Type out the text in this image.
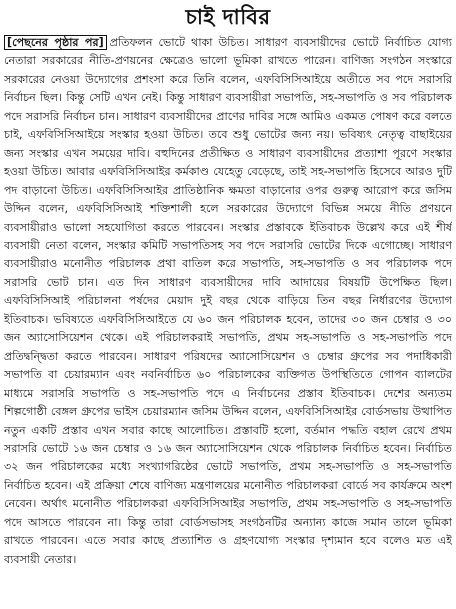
চাই দাবির

[পেছনের পৃষ্ঠার পর] প্রতিফলন ভোটে থাকা উচিত। সাধারণ ব্যবসায়ীদের ভোটে নির্বাচিত যোগ্য নেতারা সরকারের নীতি-প্রণয়নের ক্ষেত্রেও ভালো ভূমিকা রাখতে পারেন। বাণিজ্য সংগঠন সংস্কারে সরকারের নেওয়া উদ্যোগের প্রশংসা করে তিনি বলেন, এফবিসিসিআইয়ে অতীতে সব পদে সরাসরি নির্বাচন ছিল। কিন্তু সেটি এখন নেই। কিন্তু সাধারণ ব্যবসায়ীরা সভাপতি, সহ-সভাপতি ও সব পরিচালক পদে সরাসরি নির্বাচন চান। সাধারণ ব্যবসায়ীদের প্রাণের দাবির সঙ্গে আমিও একমত পোষণ করে বলতে চাই, এফবিসিসিআইয়ে সংস্কার হওয়া উচিত। তবে শুধু ভোটের জন্য নয়। ভবিষ্যৎ নেতৃত্ব বাছাইয়ের জন্য সংস্কার এখন সময়ের দাবি। বহুদিনের প্রতীক্ষিত ও সাধারণ ব্যবসায়ীদের প্রত্যাশা পূরণে সংস্কার হওয়া উচিত। আবার এফবিসিসিআইর কর্মকাণ্ড যেহেতু বেড়েছে, তাই সহ-সভাপতি হিসেবে আরও দুটি পদ বাড়ানো উচিত। এফবিসিসিআইর প্রাতিষ্ঠানিক ক্ষমতা বাড়ানোর ওপর গুরুত্ব আরোপ করে জসিম উদ্দিন বলেন, এফবিসিসিআই শক্তিশালী হলে সরকারের উদ্যোগে বিভিন্ন সময়ে নীতি প্রণয়নে ব্যবসায়ীরাও ভালো সহযোগিতা করতে পারবেন। সংস্কার প্রস্তাবকে ইতিবাচক উল্লেখ করে এই শীর্ষ ব্যবসায়ী নেতা বলেন, সংস্কার কমিটি সভাপতিসহ সব পদে সরাসরি ভোটের দিকে এগোচ্ছে। সাধারণ ব্যবসায়ীরাও মনোনীত পরিচালক প্রথা বাতিল করে সভাপতি, সহ-সভাপতি ও সব পরিচালক পদে সরাসরি ভোট চান। এত দিন সাধারণ ব্যবসায়ীদের দাবি আদায়ের বিষয়টি উপেক্ষিত ছিল। এফবিসিসিআই পরিচালনা পর্ষদের মেয়াদ দুই বছর থেকে বাড়িয়ে তিন বছর নির্ধারণের উদ্যোগ ইতিবাচক। ভবিষ্যতে এফবিসিসিআইতে যে ৬০ জন পরিচালক হবেন, তাদের ৩০ জন চেম্বার ও ৩০ জন অ্যাসোসিয়েশন থেকে। এই পরিচালকরাই সভাপতি, প্রথম সহ-সভাপতি ও সহ-সভাপতি পদে প্রতিদ্বন্দ্বিতা করতে পারবেন। সাধারণ পরিষদের অ্যাসোসিয়েশন ও চেম্বার গ্রুপের সব পদাধিকারী সভাপতি বা চেয়ারম্যান এবং নবনির্বাচিত ৬০ পরিচালকের ব্যক্তিগত উপস্থিতিতে গোপন ব্যালটের মাধ্যমে সরাসরি সভাপতি ও সহ-সভাপতি পদে এ নির্বাচনের প্রস্তাব ইতিবাচক। দেশের অন্যতম শিল্পগোষ্ঠী বেঙ্গল গ্রুপের ভাইস চেয়ারম্যান জসিম উদ্দিন বলেন, এফবিসিসিআইর বোর্ডসভায় উত্থাপিত নতুন একটি প্রস্তাব এখন সবার কাছে আলোচিত। প্রস্তাবটি হলো, বর্তমান পদ্ধতি বহাল রেখে প্রথম সরাসরি ভোটে ১৬ জন চেম্বার ও ১৬ জন অ্যাসোসিয়েশন থেকে পরিচালক নির্বাচিত হবেন। নির্বাচিত ৩২ জন পরিচালকের মধ্যে সংখ্যাগরিষ্ঠের ভোটে সভাপতি, প্রথম সহ-সভাপতি ও সহ-সভাপতি নির্বাচিত হবেন। এই প্রক্রিয়া শেষে বাণিজ্য মন্ত্রণালয়ের মনোনীত পরিচালকরা বোর্ডে সব কার্যক্রমে অংশ নেবেন। অর্থাৎ মনোনীত পরিচালকরা এফবিসিসিআইর সভাপতি, প্রথম সহ-সভাপতি ও সহ-সভাপতি পদে আসতে পারবেন না। কিন্তু তারা বোর্ডসভাসহ সংগঠনটির অন্যান্য কাজে সমান তালে ভূমিকা রাখতে পারবেন। এতে সবার কাছে প্রত্যাশিত ও গ্রহণযোগ্য সংস্কার দৃশ্যমান হবে বলেও মত এই ব্যবসায়ী নেতার।
